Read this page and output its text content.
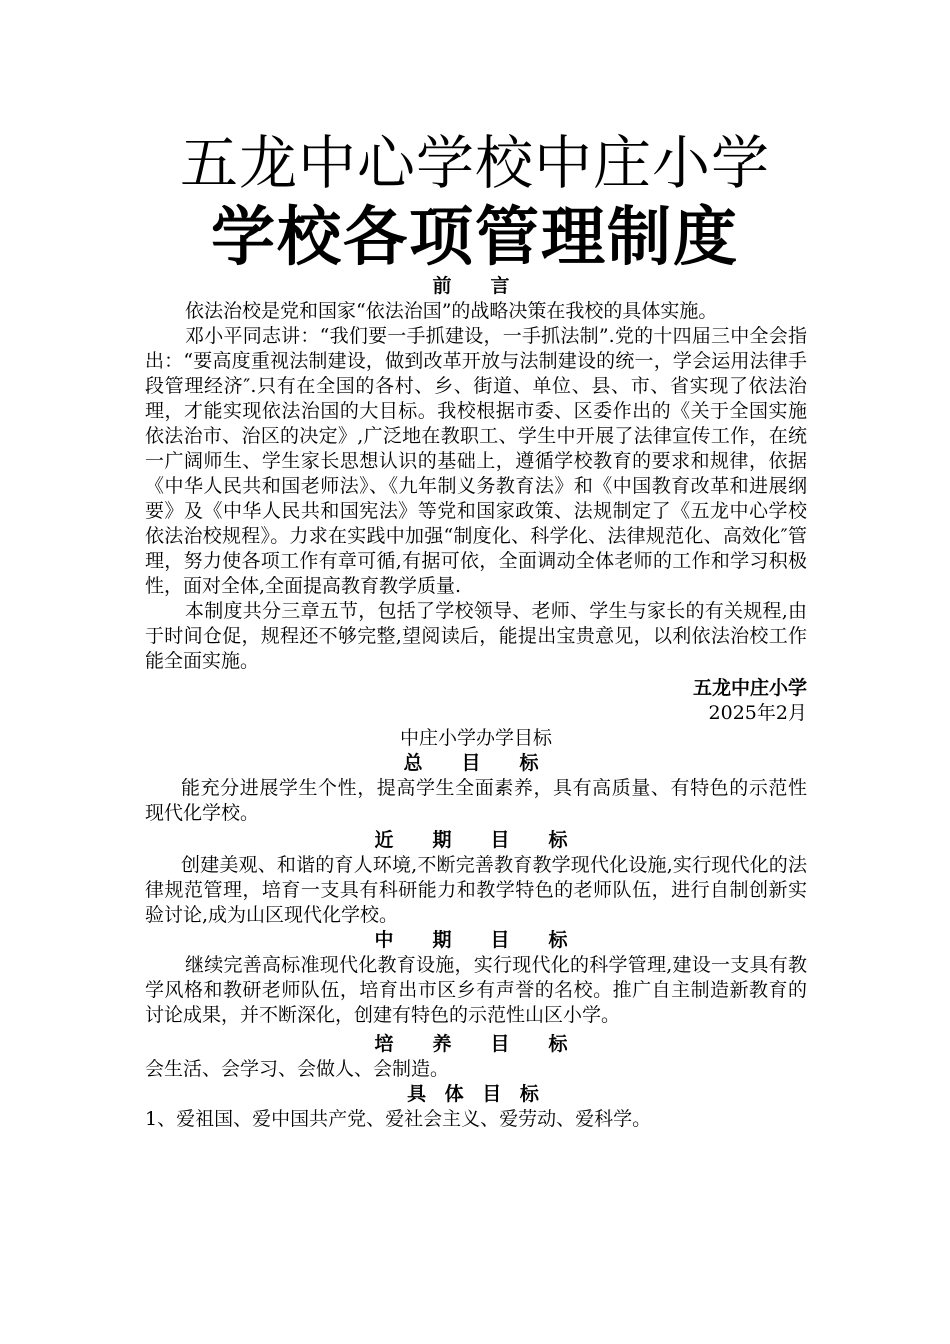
五龙中心学校中庄小学
学校各项管理制度
前　言

依法治校是党和国家“依法治国”的战略决策在我校的具体实施。

邓小平同志讲：“我们要一手抓建设，一手抓法制”.党的十四届三中全会指出：“要高度重视法制建设，做到改革开放与法制建设的统一，学会运用法律手段管理经济″.只有在全国的各村、乡、街道、单位、县、市、省实现了依法治理，才能实现依法治国的大目标。我校根据市委、区委作出的《关于全国实施依法治市、治区的决定》,广泛地在教职工、学生中开展了法律宣传工作，在统一广阔师生、学生家长思想认识的基础上，遵循学校教育的要求和规律，依据《中华人民共和国老师法》、《九年制义务教育法》和《中国教育改革和进展纲要》及《中华人民共和国宪法》等党和国家政策、法规制定了《五龙中心学校依法治校规程》。力求在实践中加强“制度化、科学化、法律规范化、高效化″管理，努力使各项工作有章可循,有据可依，全面调动全体老师的工作和学习积极性，面对全体,全面提高教育教学质量.

本制度共分三章五节，包括了学校领导、老师、学生与家长的有关规程,由于时间仓促，规程还不够完整,望阅读后，能提出宝贵意见，以利依法治校工作能全面实施。

五龙中庄小学
2025年2月
中庄小学办学目标
总　目　标

能充分进展学生个性，提高学生全面素养，具有高质量、有特色的示范性现代化学校。

近　期　目　标

创建美观、和谐的育人环境,不断完善教育教学现代化设施,实行现代化的法律规范管理，培育一支具有科研能力和教学特色的老师队伍，进行自制创新实验讨论,成为山区现代化学校。

中　期　目　标

继续完善高标准现代化教育设施，实行现代化的科学管理,建设一支具有教学风格和教研老师队伍，培育出市区乡有声誉的名校。推广自主制造新教育的讨论成果，并不断深化，创建有特色的示范性山区小学。

培　养　目　标

会生活、会学习、会做人、会制造。

具 体 目 标

1、爱祖国、爱中国共产党、爱社会主义、爱劳动、爱科学。
